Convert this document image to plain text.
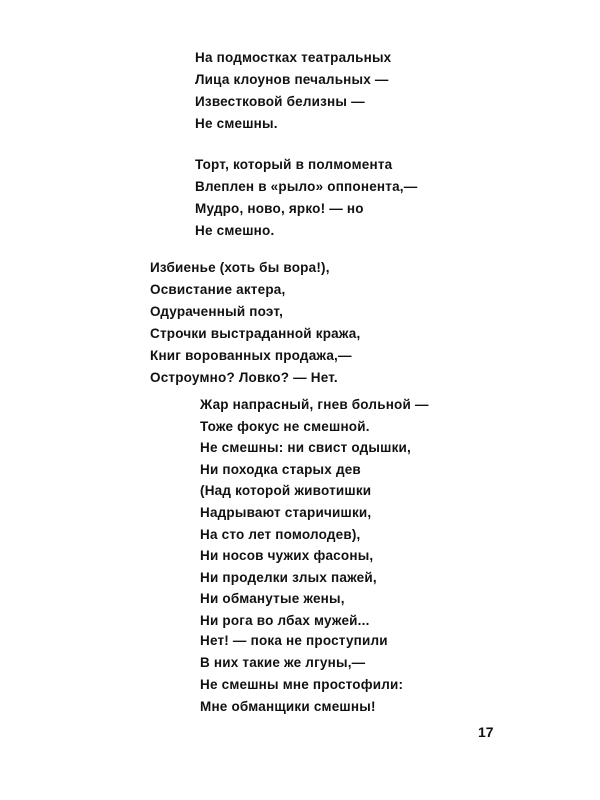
На подмостках театральных
Лица клоунов печальных —
Известковой белизны —
Не смешны.
Торт, который в полмомента
Влеплен в «рыло» оппонента,—
Мудро, ново, ярко! — но
Не смешно.
Избиенье (хоть бы вора!),
Освистание актера,
Одураченный поэт,
Строчки выстраданной кража,
Книг ворованных продажа,—
Остроумно? Ловко? — Нет.
Жар напрасный, гнев больной —
Тоже фокус не смешной.
Не смешны: ни свист одышки,
Ни походка старых дев
(Над которой животишки
Надрывают старичишки,
На сто лет помолодев),
Ни носов чужих фасоны,
Ни проделки злых пажей,
Ни обманутые жены,
Ни рога во лбах мужей...
Нет! — пока не проступили
В них такие же лгуны,—
Не смешны мне простофили:
Мне обманщики смешны!
17
